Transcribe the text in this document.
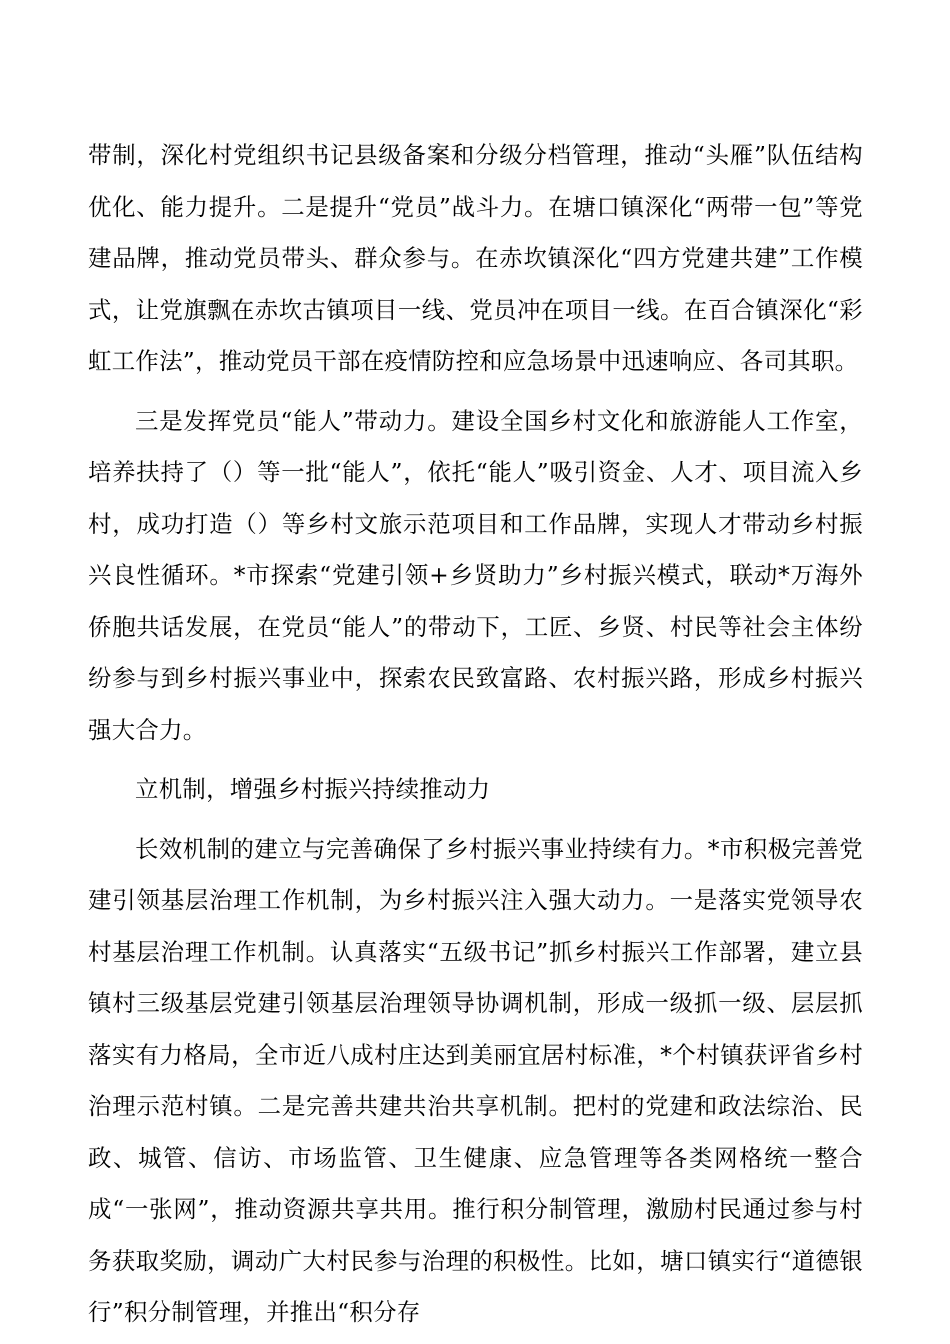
带制，深化村党组织书记县级备案和分级分档管理，推动“头雁”队伍结构优化、能力提升。二是提升“党员”战斗力。在塘口镇深化“两带一包”等党建品牌，推动党员带头、群众参与。在赤坎镇深化“四方党建共建”工作模式，让党旗飘在赤坎古镇项目一线、党员冲在项目一线。在百合镇深化“彩虹工作法”，推动党员干部在疫情防控和应急场景中迅速响应、各司其职。

三是发挥党员“能人”带动力。建设全国乡村文化和旅游能人工作室，培养扶持了（）等一批“能人”，依托“能人”吸引资金、人才、项目流入乡村，成功打造（）等乡村文旅示范项目和工作品牌，实现人才带动乡村振兴良性循环。*市探索“党建引领+乡贤助力”乡村振兴模式，联动*万海外侨胞共话发展，在党员“能人”的带动下，工匠、乡贤、村民等社会主体纷纷参与到乡村振兴事业中，探索农民致富路、农村振兴路，形成乡村振兴强大合力。

立机制，增强乡村振兴持续推动力

长效机制的建立与完善确保了乡村振兴事业持续有力。*市积极完善党建引领基层治理工作机制，为乡村振兴注入强大动力。一是落实党领导农村基层治理工作机制。认真落实“五级书记”抓乡村振兴工作部署，建立县镇村三级基层党建引领基层治理领导协调机制，形成一级抓一级、层层抓落实有力格局，全市近八成村庄达到美丽宜居村标准，*个村镇获评省乡村治理示范村镇。二是完善共建共治共享机制。把村的党建和政法综治、民政、城管、信访、市场监管、卫生健康、应急管理等各类网格统一整合成“一张网”，推动资源共享共用。推行积分制管理，激励村民通过参与村务获取奖励，调动广大村民参与治理的积极性。比如，塘口镇实行“道德银行”积分制管理，并推出“积分存
